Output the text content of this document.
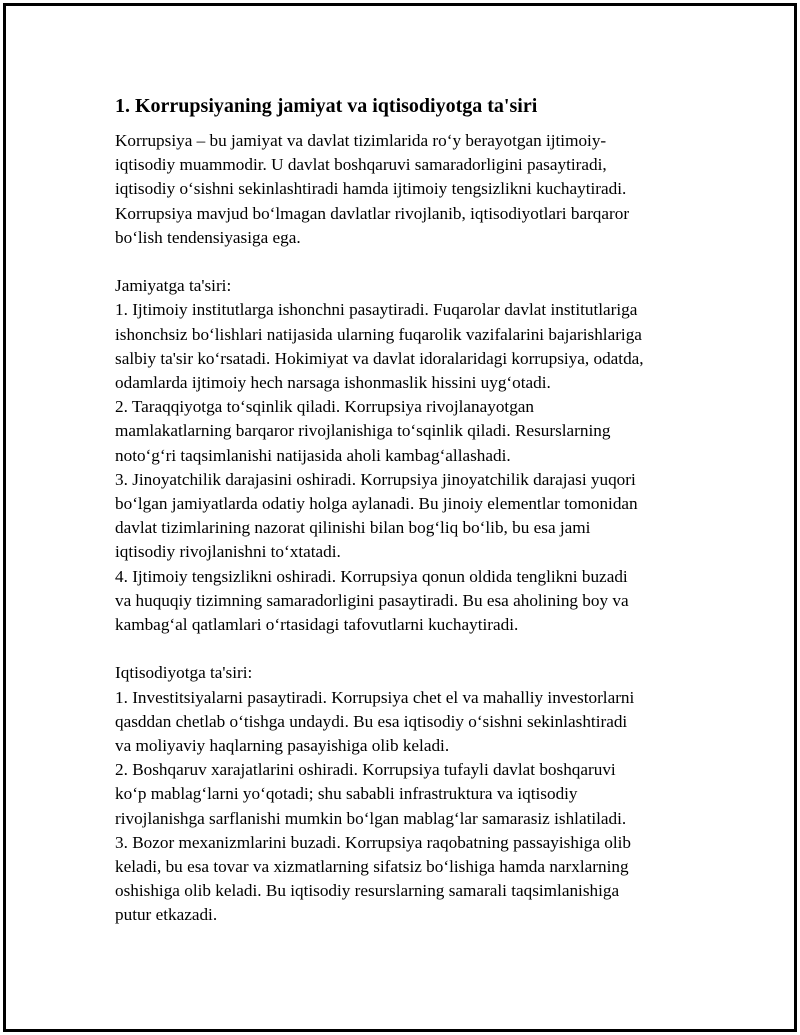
1. Korrupsiyaning jamiyat va iqtisodiyotga ta'siri

Korrupsiya – bu jamiyat va davlat tizimlarida ro‘y berayotgan ijtimoiy-
iqtisodiy muammodir. U davlat boshqaruvi samaradorligini pasaytiradi,
iqtisodiy o‘sishni sekinlashtiradi hamda ijtimoiy tengsizlikni kuchaytiradi.
Korrupsiya mavjud bo‘lmagan davlatlar rivojlanib, iqtisodiyotlari barqaror
bo‘lish tendensiyasiga ega.

Jamiyatga ta'siri:
1. Ijtimoiy institutlarga ishonchni pasaytiradi. Fuqarolar davlat institutlariga
ishonchsiz bo‘lishlari natijasida ularning fuqarolik vazifalarini bajarishlariga
salbiy ta'sir ko‘rsatadi. Hokimiyat va davlat idoralaridagi korrupsiya, odatda,
odamlarda ijtimoiy hech narsaga ishonmaslik hissini uyg‘otadi.
2. Taraqqiyotga to‘sqinlik qiladi. Korrupsiya rivojlanayotgan
mamlakatlarning barqaror rivojlanishiga to‘sqinlik qiladi. Resurslarning
noto‘g‘ri taqsimlanishi natijasida aholi kambag‘allashadi.
3. Jinoyatchilik darajasini oshiradi. Korrupsiya jinoyatchilik darajasi yuqori
bo‘lgan jamiyatlarda odatiy holga aylanadi. Bu jinoiy elementlar tomonidan
davlat tizimlarining nazorat qilinishi bilan bog‘liq bo‘lib, bu esa jami
iqtisodiy rivojlanishni to‘xtatadi.
4. Ijtimoiy tengsizlikni oshiradi. Korrupsiya qonun oldida tenglikni buzadi
va huquqiy tizimning samaradorligini pasaytiradi. Bu esa aholining boy va
kambag‘al qatlamlari o‘rtasidagi tafovutlarni kuchaytiradi.

Iqtisodiyotga ta'siri:
1. Investitsiyalarni pasaytiradi. Korrupsiya chet el va mahalliy investorlarni
qasddan chetlab o‘tishga undaydi. Bu esa iqtisodiy o‘sishni sekinlashtiradi
va moliyaviy haqlarning pasayishiga olib keladi.
2. Boshqaruv xarajatlarini oshiradi. Korrupsiya tufayli davlat boshqaruvi
ko‘p mablag‘larni yo‘qotadi; shu sababli infrastruktura va iqtisodiy
rivojlanishga sarflanishi mumkin bo‘lgan mablag‘lar samarasiz ishlatiladi.
3. Bozor mexanizmlarini buzadi. Korrupsiya raqobatning passayishiga olib
keladi, bu esa tovar va xizmatlarning sifatsiz bo‘lishiga hamda narxlarning
oshishiga olib keladi. Bu iqtisodiy resurslarning samarali taqsimlanishiga
putur etkazadi.
